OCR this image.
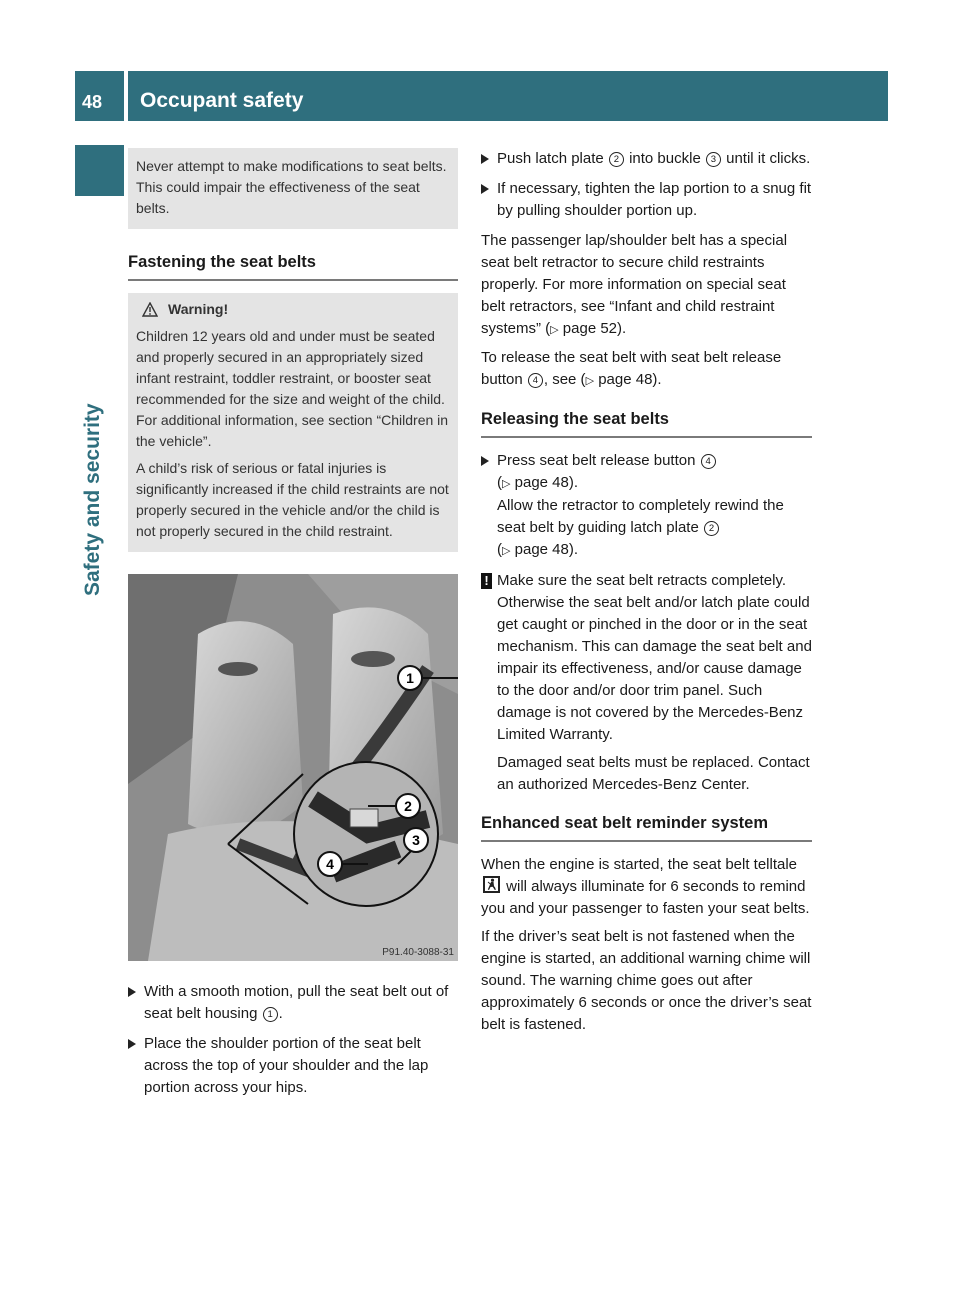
48 Occupant safety
Safety and security
Never attempt to make modifications to seat belts. This could impair the effectiveness of the seat belts.
Fastening the seat belts
Warning!

Children 12 years old and under must be seated and properly secured in an appropriately sized infant restraint, toddler restraint, or booster seat recommended for the size and weight of the child. For additional information, see section “Children in the vehicle”.

A child’s risk of serious or fatal injuries is significantly increased if the child restraints are not properly secured in the vehicle and/or the child is not properly secured in the child restraint.

1
2
3
4
P91.40-3088-31
With a smooth motion, pull the seat belt out of seat belt housing 1 .
Place the shoulder portion of the seat belt across the top of your shoulder and the lap portion across your hips.
Push latch plate 2 into buckle 3 until it clicks.
If necessary, tighten the lap portion to a snug fit by pulling shoulder portion up.

The passenger lap/shoulder belt has a special seat belt retractor to secure child restraints properly. For more information on special seat belt retractors, see “Infant and child restraint systems” (▷ page 52).

To release the seat belt with seat belt release button 4 , see (▷ page 48).

Releasing the seat belts
Press seat belt release button 4
(▷ page 48).
Allow the retractor to completely rewind the seat belt by guiding latch plate 2
(▷ page 48).
! Make sure the seat belt retracts completely. Otherwise the seat belt and/or latch plate could get caught or pinched in the door or in the seat mechanism. This can damage the seat belt and impair its effectiveness, and/or cause damage to the door and/or door trim panel. Such damage is not covered by the Mercedes-Benz Limited Warranty.

Damaged seat belts must be replaced. Contact an authorized Mercedes-Benz Center.

Enhanced seat belt reminder system

When the engine is started, the seat belt telltale  will always illuminate for 6 seconds to remind you and your passenger to fasten your seat belts.

If the driver’s seat belt is not fastened when the engine is started, an additional warning chime will sound. The warning chime goes out after approximately 6 seconds or once the driver’s seat belt is fastened.
